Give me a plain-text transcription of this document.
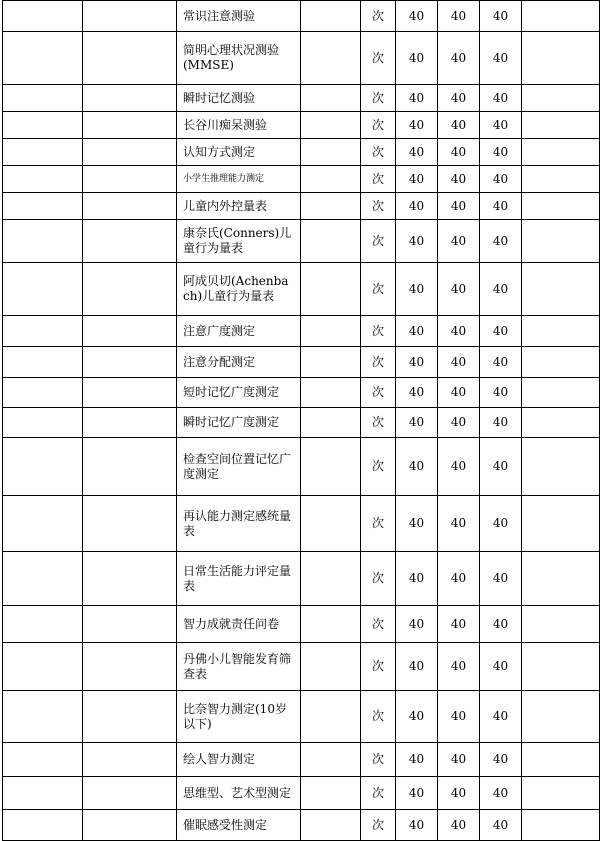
		常识注意测验		次	40	40	40	

		简明心理状况测验(MMSE)		次	40	40	40	

		瞬时记忆测验		次	40	40	40	

		长谷川痴呆测验		次	40	40	40	

		认知方式测定		次	40	40	40	

		小学生推理能力测定		次	40	40	40	

		儿童内外控量表		次	40	40	40	

		康奈氏(Conners)儿童行为量表		次	40	40	40	

		阿成贝切(Achenbach)儿童行为量表		次	40	40	40	

		注意广度测定		次	40	40	40	

		注意分配测定		次	40	40	40	

		短时记忆广度测定		次	40	40	40	

		瞬时记忆广度测定		次	40	40	40	

		检查空间位置记忆广度测定		次	40	40	40	

		再认能力测定感统量表		次	40	40	40	

		日常生活能力评定量表		次	40	40	40	

		智力成就责任问卷		次	40	40	40	

		丹佛小儿智能发育筛查表		次	40	40	40	

		比奈智力测定(10岁以下)		次	40	40	40	

		绘人智力测定		次	40	40	40	

		思维型、艺术型测定		次	40	40	40	

		催眠感受性测定		次	40	40	40	
